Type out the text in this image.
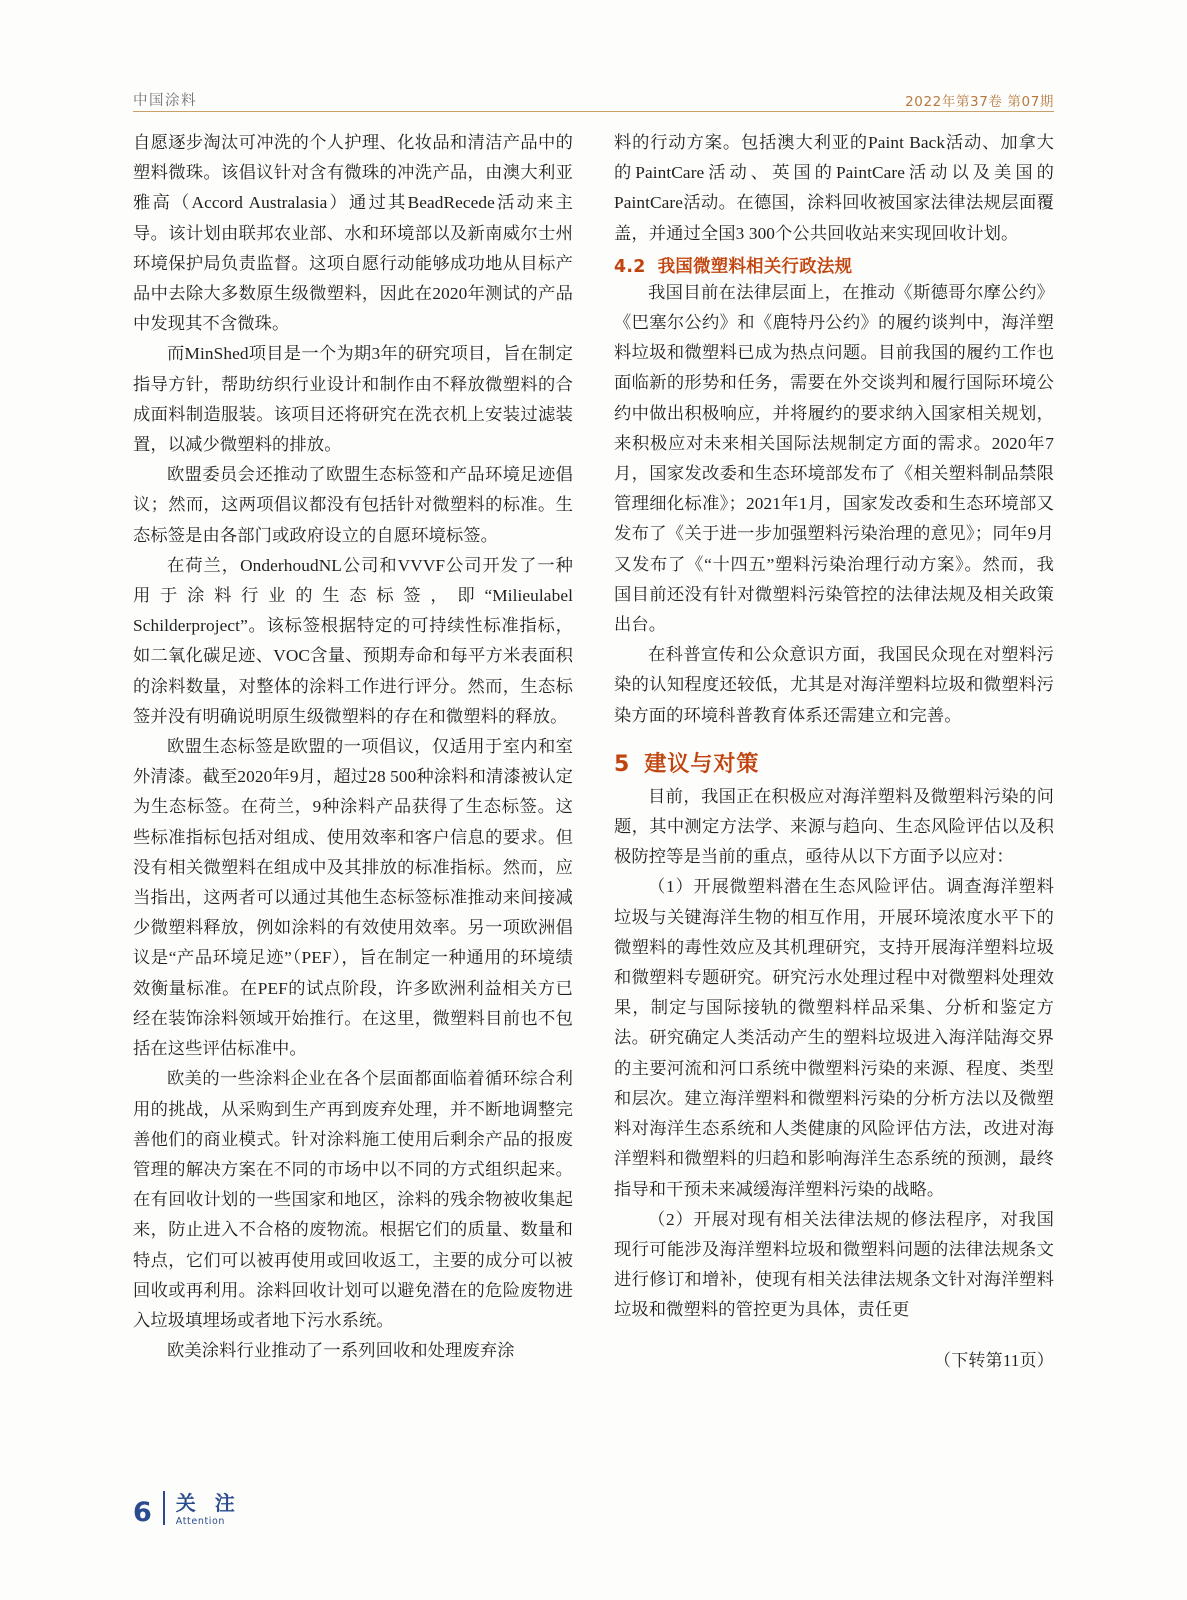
中国涂料	2022年第37卷 第07期

自愿逐步淘汰可冲洗的个人护理、化妆品和清洁产品中的塑料微珠。该倡议针对含有微珠的冲洗产品，由澳大利亚雅高（Accord Australasia）通过其BeadRecede活动来主导。该计划由联邦农业部、水和环境部以及新南威尔士州环境保护局负责监督。这项自愿行动能够成功地从目标产品中去除大多数原生级微塑料，因此在2020年测试的产品中发现其不含微珠。

而MinShed项目是一个为期3年的研究项目，旨在制定指导方针，帮助纺织行业设计和制作由不释放微塑料的合成面料制造服装。该项目还将研究在洗衣机上安装过滤装置，以减少微塑料的排放。

欧盟委员会还推动了欧盟生态标签和产品环境足迹倡议；然而，这两项倡议都没有包括针对微塑料的标准。生态标签是由各部门或政府设立的自愿环境标签。

在荷兰，OnderhoudNL公司和VVVF公司开发了一种用于涂料行业的生态标签，即“Milieulabel Schilderproject”。该标签根据特定的可持续性标准指标，如二氧化碳足迹、VOC含量、预期寿命和每平方米表面积的涂料数量，对整体的涂料工作进行评分。然而，生态标签并没有明确说明原生级微塑料的存在和微塑料的释放。

欧盟生态标签是欧盟的一项倡议，仅适用于室内和室外清漆。截至2020年9月，超过28 500种涂料和清漆被认定为生态标签。在荷兰，9种涂料产品获得了生态标签。这些标准指标包括对组成、使用效率和客户信息的要求。但没有相关微塑料在组成中及其排放的标准指标。然而，应当指出，这两者可以通过其他生态标签标准推动来间接减少微塑料释放，例如涂料的有效使用效率。另一项欧洲倡议是“产品环境足迹”（PEF），旨在制定一种通用的环境绩效衡量标准。在PEF的试点阶段，许多欧洲利益相关方已经在装饰涂料领域开始推行。在这里，微塑料目前也不包括在这些评估标准中。

欧美的一些涂料企业在各个层面都面临着循环综合利用的挑战，从采购到生产再到废弃处理，并不断地调整完善他们的商业模式。针对涂料施工使用后剩余产品的报废管理的解决方案在不同的市场中以不同的方式组织起来。在有回收计划的一些国家和地区，涂料的残余物被收集起来，防止进入不合格的废物流。根据它们的质量、数量和特点，它们可以被再使用或回收返工，主要的成分可以被回收或再利用。涂料回收计划可以避免潜在的危险废物进入垃圾填埋场或者地下污水系统。

欧美涂料行业推动了一系列回收和处理废弃涂

料的行动方案。包括澳大利亚的Paint Back活动、加拿大的PaintCare活动、英国的PaintCare活动以及美国的PaintCare活动。在德国，涂料回收被国家法律法规层面覆盖，并通过全国3 300个公共回收站来实现回收计划。

4.2 我国微塑料相关行政法规

我国目前在法律层面上，在推动《斯德哥尔摩公约》《巴塞尔公约》和《鹿特丹公约》的履约谈判中，海洋塑料垃圾和微塑料已成为热点问题。目前我国的履约工作也面临新的形势和任务，需要在外交谈判和履行国际环境公约中做出积极响应，并将履约的要求纳入国家相关规划，来积极应对未来相关国际法规制定方面的需求。2020年7月，国家发改委和生态环境部发布了《相关塑料制品禁限管理细化标准》；2021年1月，国家发改委和生态环境部又发布了《关于进一步加强塑料污染治理的意见》；同年9月又发布了《“十四五”塑料污染治理行动方案》。然而，我国目前还没有针对微塑料污染管控的法律法规及相关政策出台。

在科普宣传和公众意识方面，我国民众现在对塑料污染的认知程度还较低，尤其是对海洋塑料垃圾和微塑料污染方面的环境科普教育体系还需建立和完善。

5 建议与对策

目前，我国正在积极应对海洋塑料及微塑料污染的问题，其中测定方法学、来源与趋向、生态风险评估以及积极防控等是当前的重点，亟待从以下方面予以应对：

（1）开展微塑料潜在生态风险评估。调查海洋塑料垃圾与关键海洋生物的相互作用，开展环境浓度水平下的微塑料的毒性效应及其机理研究，支持开展海洋塑料垃圾和微塑料专题研究。研究污水处理过程中对微塑料处理效果，制定与国际接轨的微塑料样品采集、分析和鉴定方法。研究确定人类活动产生的塑料垃圾进入海洋陆海交界的主要河流和河口系统中微塑料污染的来源、程度、类型和层次。建立海洋塑料和微塑料污染的分析方法以及微塑料对海洋生态系统和人类健康的风险评估方法，改进对海洋塑料和微塑料的归趋和影响海洋生态系统的预测，最终指导和干预未来减缓海洋塑料污染的战略。

（2）开展对现有相关法律法规的修法程序，对我国现行可能涉及海洋塑料垃圾和微塑料问题的法律法规条文进行修订和增补，使现有相关法律法规条文针对海洋塑料垃圾和微塑料的管控更为具体，责任更

（下转第11页）

6 关 注
Attention
